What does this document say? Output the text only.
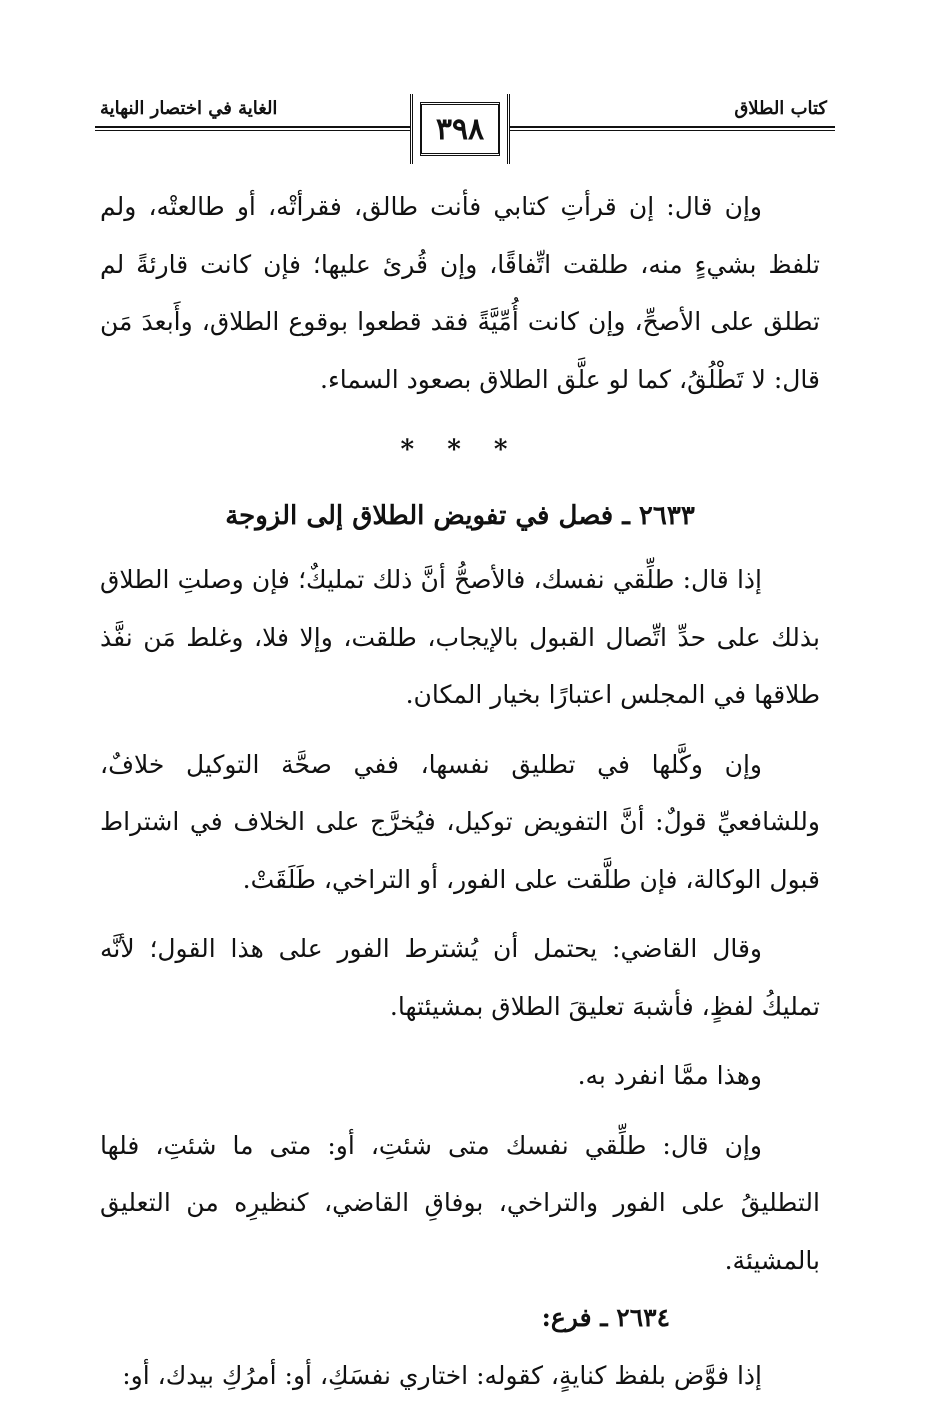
الغاية في اختصار النهاية	كتاب الطلاق
٣٩٨

وإن قال: إن قرأتِ كتابي فأنت طالق، فقرأتْه، أو طالعتْه، ولم تلفظ بشيءٍ منه، طلقت اتِّفاقًا، وإن قُرئ عليها؛ فإن كانت قارئةً لم تطلق على الأصحِّ، وإن كانت أُمِّيَّةً فقد قطعوا بوقوع الطلاق، وأَبعدَ مَن قال: لا تَطْلُقُ، كما لو علَّق الطلاق بصعود السماء.

* * *
٢٦٣٣ ـ فصل في تفويض الطلاق إلى الزوجة

إذا قال: طلِّقي نفسك، فالأصحُّ أنَّ ذلك تمليكٌ؛ فإن وصلتِ الطلاق بذلك على حدِّ اتِّصال القبول بالإيجاب، طلقت، وإلا فلا، وغلط مَن نفَّذ طلاقها في المجلس اعتبارًا بخيار المكان.

وإن وكَّلها في تطليق نفسها، ففي صحَّة التوكيل خلافٌ، وللشافعيِّ قولٌ: أنَّ التفويض توكيل، فيُخرَّج على الخلاف في اشتراط قبول الوكالة، فإن طلَّقت على الفور، أو التراخي، طَلَقَتْ.

وقال القاضي: يحتمل أن يُشترط الفور على هذا القول؛ لأنَّه تمليكُ لفظٍ، فأشبهَ تعليقَ الطلاق بمشيئتها.

وهذا ممَّا انفرد به.

وإن قال: طلِّقي نفسك متى شئتِ، أو: متى ما شئتِ، فلها التطليقُ على الفور والتراخي، بوفاقِ القاضي، كنظيرِه من التعليق بالمشيئة.

٢٦٣٤ ـ فرع:

إذا فوَّض بلفظ كنايةٍ، كقوله: اختاري نفسَكِ، أو: أمرُكِ بيدك، أو:
